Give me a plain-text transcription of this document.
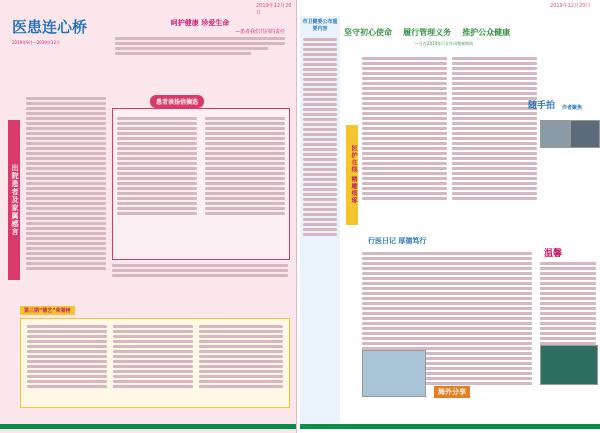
2019年12月20日
医患连心桥
2019年9月—2019年12月
呵护健康 珍爱生命
—患者我们共同的责任
出院患者及家属感言
患者表扬信摘选
第三期“德艺”荣誉榜
2019年12月20日
市卫健委公布重要内容	坚守初心使命 履行管理义务 推护公众健康
—写在2019年行业作风整顿期间
医护在线 精雕细琢
随手拍 作者聚焦
行医日记 厚德笃行
温馨
海外分享
